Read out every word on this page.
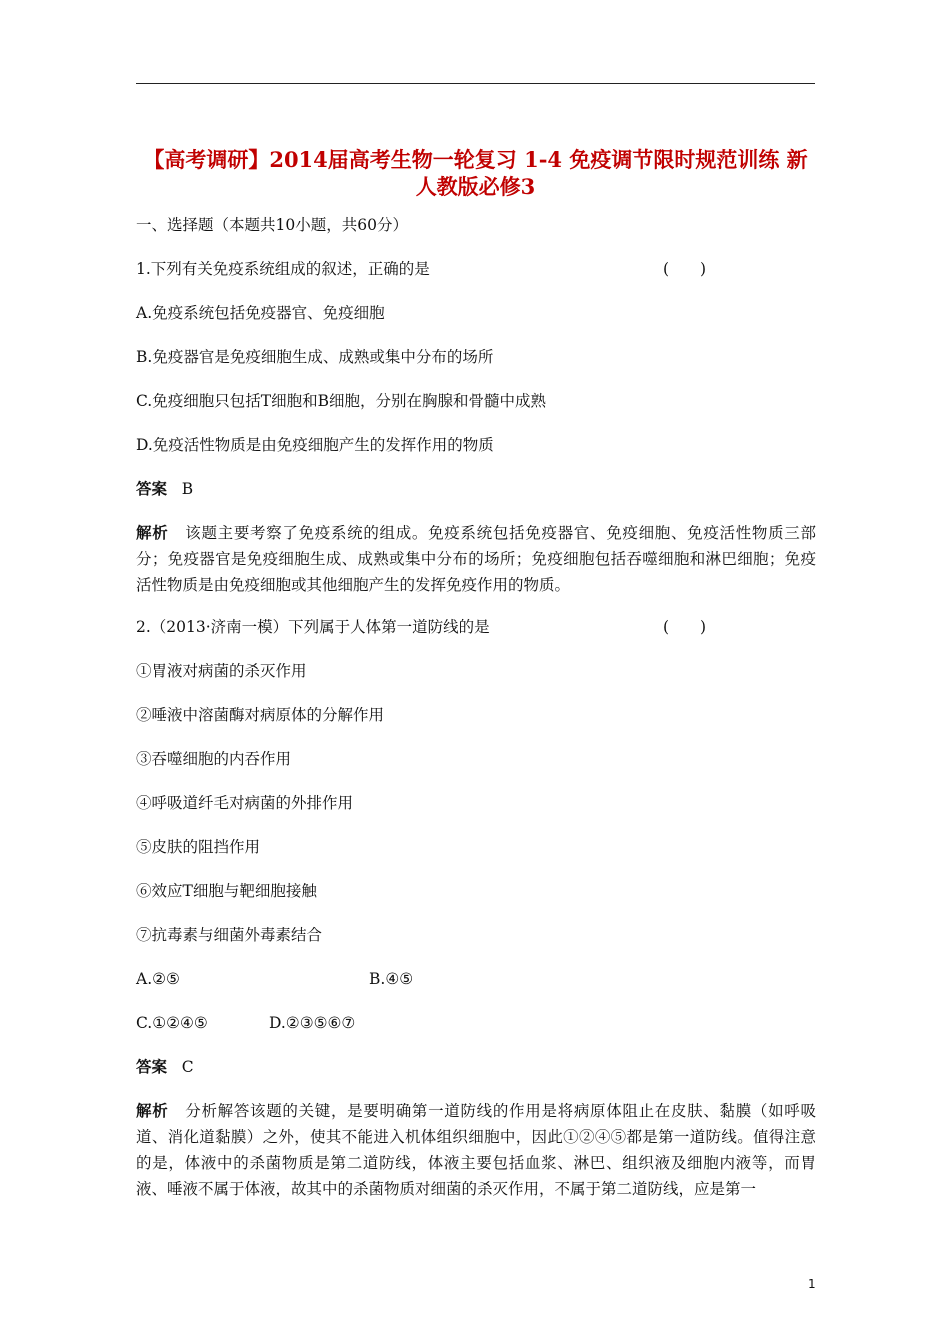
【高考调研】2014届高考生物一轮复习 1-4 免疫调节限时规范训练 新人教版必修3
一、选择题（本题共10小题，共60分）
1.下列有关免疫系统组成的叙述，正确的是	(　　)
A.免疫系统包括免疫器官、免疫细胞
B.免疫器官是免疫细胞生成、成熟或集中分布的场所
C.免疫细胞只包括T细胞和B细胞，分别在胸腺和骨髓中成熟
D.免疫活性物质是由免疫细胞产生的发挥作用的物质
答案 B
解析 该题主要考察了免疫系统的组成。免疫系统包括免疫器官、免疫细胞、免疫活性物质三部分；免疫器官是免疫细胞生成、成熟或集中分布的场所；免疫细胞包括吞噬细胞和淋巴细胞；免疫活性物质是由免疫细胞或其他细胞产生的发挥免疫作用的物质。
2.（2013·济南一模）下列属于人体第一道防线的是	(　　)
①胃液对病菌的杀灭作用
②唾液中溶菌酶对病原体的分解作用
③吞噬细胞的内吞作用
④呼吸道纤毛对病菌的外排作用
⑤皮肤的阻挡作用
⑥效应T细胞与靶细胞接触
⑦抗毒素与细菌外毒素结合
A.②⑤	B.④⑤
C.①②④⑤	D.②③⑤⑥⑦
答案 C
解析 分析解答该题的关键，是要明确第一道防线的作用是将病原体阻止在皮肤、黏膜（如呼吸道、消化道黏膜）之外，使其不能进入机体组织细胞中，因此①②④⑤都是第一道防线。值得注意的是，体液中的杀菌物质是第二道防线，体液主要包括血浆、淋巴、组织液及细胞内液等，而胃液、唾液不属于体液，故其中的杀菌物质对细菌的杀灭作用，不属于第二道防线，应是第一
1
